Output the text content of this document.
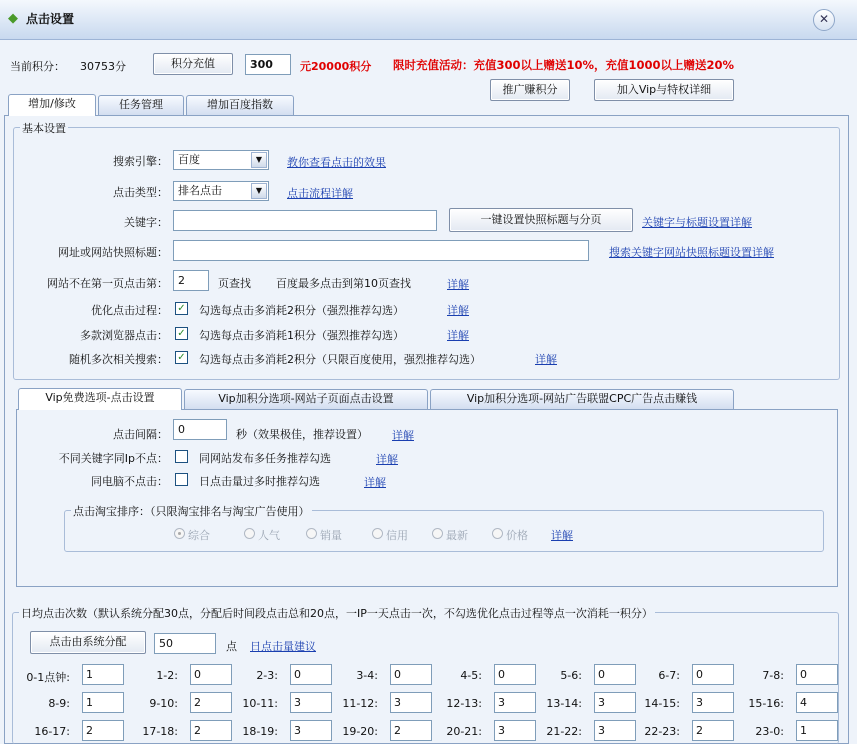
◆ 点击设置	✕
当前积分： 30753分	积分充值	300	元20000积分 限时充值活动：充值300以上赠送10%，充值1000以上赠送20%
推广赚积分	加入Vip与特权详细
增加/修改	任务管理	增加百度指数
基本设置
搜索引擎： 百度	▼	教你查看点击的效果
点击类型： 排名点击	▼	点击流程详解
关键字：	一键设置快照标题与分页	关键字与标题设置详解
网址或网站快照标题：	搜索关键字网站快照标题设置详解
网站不在第一页点击第： 2	页查找 百度最多点击到第10页查找	详解
优化点击过程： ✓ 勾选每点击多消耗2积分（强烈推荐勾选）	详解
多款浏览器点击： ✓ 勾选每点击多消耗1积分（强烈推荐勾选）	详解
随机多次相关搜索： ✓ 勾选每点击多消耗2积分（只限百度使用，强烈推荐勾选）	详解
Vip免费选项-点击设置	Vip加积分选项-网站子页面点击设置	Vip加积分选项-网站广告联盟CPC广告点击赚钱
点击间隔： 0	秒（效果极佳，推荐设置） 详解
不同关键字同Ip不点：	同网站发布多任务推荐勾选	详解
同电脑不点击：	日点击量过多时推荐勾选	详解
点击淘宝排序：（只限淘宝排名与淘宝广告使用）
综合	人气	销量	信用	最新	价格 详解
日均点击次数（默认系统分配30点，分配后时间段点击总和20点，一IP一天点击一次，不勾选优化点击过程等点一次消耗一积分）
点击由系统分配	50	点 日点击量建议
0-1点钟:	1	1-2:	0	2-3:	0	3-4:	0	4-5:	0	5-6:	0	6-7:	0	7-8:	0
8-9:	1	9-10:	2	10-11:	3	11-12:	3	12-13:	3	13-14:	3	14-15:	3	15-16:	4
16-17:	2	17-18:	2	18-19:	3	19-20:	2	20-21:	3	21-22:	3	22-23:	2	23-0:	1
